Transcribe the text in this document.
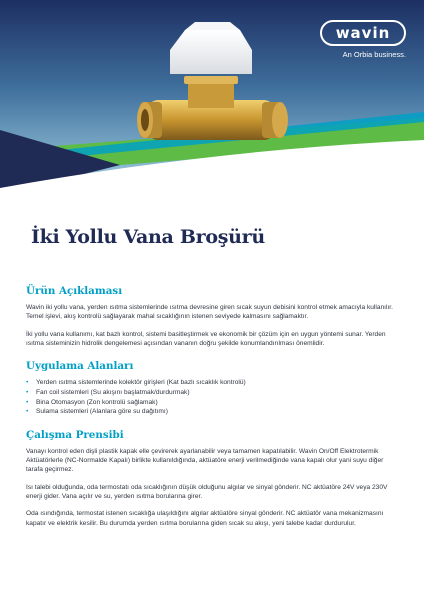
wavin
An Orbia business.
İki Yollu Vana Broşürü
Ürün Açıklaması

Wavin iki yollu vana, yerden ısıtma sistemlerinde ısıtma devresine giren sıcak suyun debisini kontrol etmek amacıyla kullanılır. Temel işlevi, akış kontrolü sağlayarak mahal sıcaklığının istenen seviyede kalmasını sağlamaktır.

İki yollu vana kullanımı, kat bazlı kontrol, sistemi basitleştirmek ve ekonomik bir çözüm için en uygun yöntemi sunar. Yerden ısıtma sisteminizin hidrolik dengelemesi açısından vananın doğru şekilde konumlandırılması önemlidir.

Uygulama Alanları
• Yerden ısıtma sistemlerinde kolektör girişleri (Kat bazlı sıcaklık kontrolü)
• Fan coil sistemleri (Su akışını başlatmak/durdurmak)
• Bina Otomasyon (Zon kontrolü sağlamak)
• Sulama sistemleri (Alanlara göre su dağıtımı)
Çalışma Prensibi

Vanayı kontrol eden dişli plastik kapak elle çevirerek ayarlanabilir veya tamamen kapatılabilir. Wavin On/Off Elektrotermik Aktüatörlerle (NC-Normalde Kapalı) birlikte kullanıldığında, aktüatöre enerji verilmediğinde vana kapalı olur yani suyu diğer tarafa geçirmez.

Isı talebi olduğunda, oda termostatı oda sıcaklığının düşük olduğunu algılar ve sinyal gönderir. NC aktüatöre 24V veya 230V enerji gider. Vana açılır ve su, yerden ısıtma borularına girer.

Oda ısındığında, termostat istenen sıcaklığa ulaşıldığını algılar aktüatöre sinyal gönderir. NC aktüatör vana mekanizmasını kapatır ve elektrik kesilir. Bu durumda yerden ısıtma borularına giden sıcak su akışı, yeni talebe kadar durdurulur.
